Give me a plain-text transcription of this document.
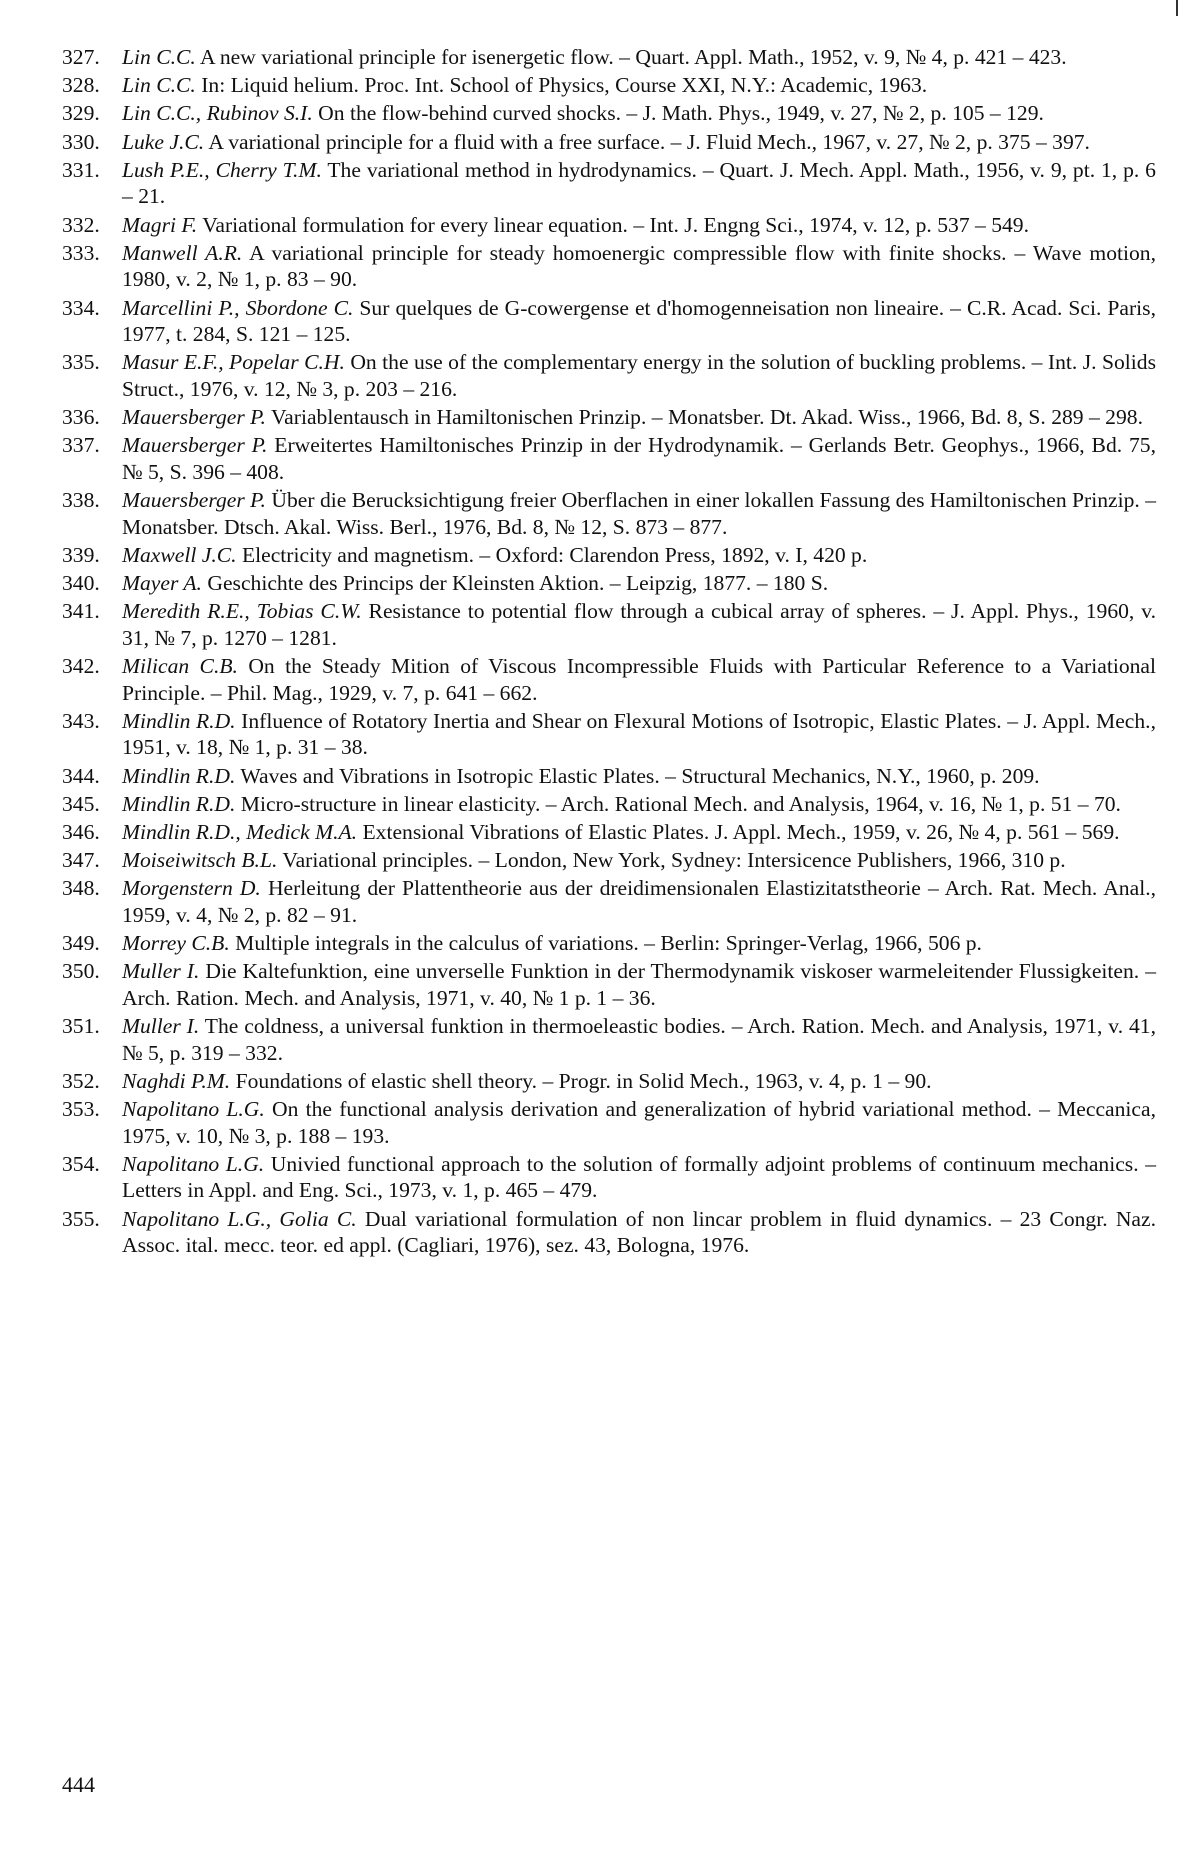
327.	Lin C.C. A new variational principle for isenergetic flow. – Quart. Appl. Math., 1952, v. 9, № 4, p. 421 – 423.
328.	Lin C.C. In: Liquid helium. Proc. Int. School of Physics, Course XXI, N.Y.: Academic, 1963.
329.	Lin C.C., Rubinov S.I. On the flow-behind curved shocks. – J. Math. Phys., 1949, v. 27, № 2, p. 105 – 129.
330.	Luke J.C. A variational principle for a fluid with a free surface. – J. Fluid Mech., 1967, v. 27, № 2, p. 375 – 397.
331.	Lush P.E., Cherry T.M. The variational method in hydrodynamics. – Quart. J. Mech. Appl. Math., 1956, v. 9, pt. 1, p. 6 – 21.
332.	Magri F. Variational formulation for every linear equation. – Int. J. Engng Sci., 1974, v. 12, p. 537 – 549.
333.	Manwell A.R. A variational principle for steady homoenergic compressible flow with finite shocks. – Wave motion, 1980, v. 2, № 1, p. 83 – 90.
334.	Marcellini P., Sbordone C. Sur quelques de G-cowergense et d'homogenneisation non lineaire. – C.R. Acad. Sci. Paris, 1977, t. 284, S. 121 – 125.
335.	Masur E.F., Popelar C.H. On the use of the complementary energy in the solution of buckling problems. – Int. J. Solids Struct., 1976, v. 12, № 3, p. 203 – 216.
336.	Mauersberger P. Variablentausch in Hamiltonischen Prinzip. – Monatsber. Dt. Akad. Wiss., 1966, Bd. 8, S. 289 – 298.
337.	Mauersberger P. Erweitertes Hamiltonisches Prinzip in der Hydrodynamik. – Gerlands Betr. Geophys., 1966, Bd. 75, № 5, S. 396 – 408.
338.	Mauersberger P. Über die Berucksichtigung freier Oberflachen in einer lokallen Fassung des Hamiltonischen Prinzip. – Monatsber. Dtsch. Akal. Wiss. Berl., 1976, Bd. 8, № 12, S. 873 – 877.
339.	Maxwell J.C. Electricity and magnetism. – Oxford: Clarendon Press, 1892, v. I, 420 p.
340.	Mayer A. Geschichte des Princips der Kleinsten Aktion. – Leipzig, 1877. – 180 S.
341.	Meredith R.E., Tobias C.W. Resistance to potential flow through a cubical array of spheres. – J. Appl. Phys., 1960, v. 31, № 7, p. 1270 – 1281.
342.	Milican C.B. On the Steady Mition of Viscous Incompressible Fluids with Particular Reference to a Variational Principle. – Phil. Mag., 1929, v. 7, p. 641 – 662.
343.	Mindlin R.D. Influence of Rotatory Inertia and Shear on Flexural Motions of Isotropic, Elastic Plates. – J. Appl. Mech., 1951, v. 18, № 1, p. 31 – 38.
344.	Mindlin R.D. Waves and Vibrations in Isotropic Elastic Plates. – Structural Mechanics, N.Y., 1960, p. 209.
345.	Mindlin R.D. Micro-structure in linear elasticity. – Arch. Rational Mech. and Analysis, 1964, v. 16, № 1, p. 51 – 70.
346.	Mindlin R.D., Medick M.A. Extensional Vibrations of Elastic Plates. J. Appl. Mech., 1959, v. 26, № 4, p. 561 – 569.
347.	Moiseiwitsch B.L. Variational principles. – London, New York, Sydney: Intersicence Publishers, 1966, 310 p.
348.	Morgenstern D. Herleitung der Plattentheorie aus der dreidimensionalen Elastizitatstheorie – Arch. Rat. Mech. Anal., 1959, v. 4, № 2, p. 82 – 91.
349.	Morrey C.B. Multiple integrals in the calculus of variations. – Berlin: Springer-Verlag, 1966, 506 p.
350.	Muller I. Die Kaltefunktion, eine unverselle Funktion in der Thermodynamik viskoser warmeleitender Flussigkeiten. – Arch. Ration. Mech. and Analysis, 1971, v. 40, № 1 p. 1 – 36.
351.	Muller I. The coldness, a universal funktion in thermoeleastic bodies. – Arch. Ration. Mech. and Analysis, 1971, v. 41, № 5, p. 319 – 332.
352.	Naghdi P.M. Foundations of elastic shell theory. – Progr. in Solid Mech., 1963, v. 4, p. 1 – 90.
353.	Napolitano L.G. On the functional analysis derivation and generalization of hybrid variational method. – Meccanica, 1975, v. 10, № 3, p. 188 – 193.
354.	Napolitano L.G. Univied functional approach to the solution of formally adjoint problems of continuum mechanics. – Letters in Appl. and Eng. Sci., 1973, v. 1, p. 465 – 479.
355.	Napolitano L.G., Golia C. Dual variational formulation of non lincar problem in fluid dynamics. – 23 Congr. Naz. Assoc. ital. mecc. teor. ed appl. (Cagliari, 1976), sez. 43, Bologna, 1976.
444
